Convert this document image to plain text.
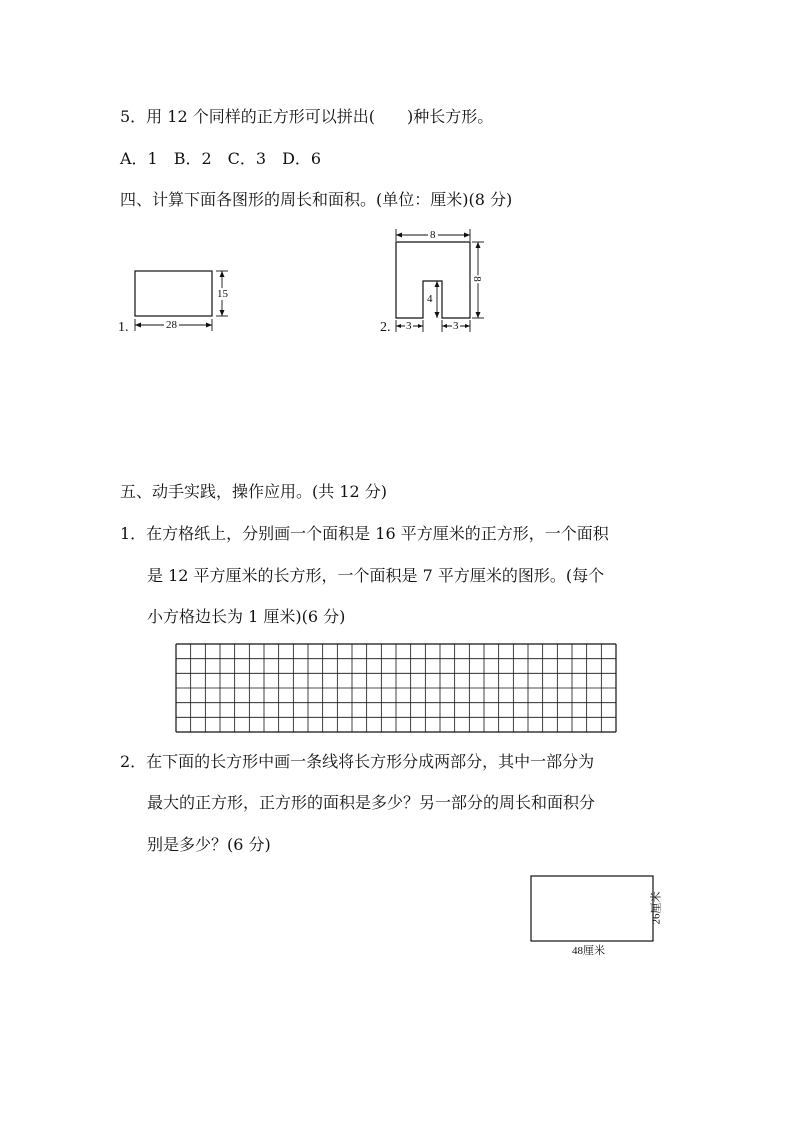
5．用 12 个同样的正方形可以拼出(　　)种长方形。
A．1　B．2　C．3　D．6
四、计算下面各图形的周长和面积。(单位：厘米)(8 分)
1.
15
28	2.
8
8
4
3	3
五、动手实践，操作应用。(共 12 分)
1．在方格纸上，分别画一个面积是 16 平方厘米的正方形，一个面积
是 12 平方厘米的长方形，一个面积是 7 平方厘米的图形。(每个
小方格边长为 1 厘米)(6 分)
2．在下面的长方形中画一条线将长方形分成两部分，其中一部分为
最大的正方形，正方形的面积是多少？另一部分的周长和面积分
别是多少？(6 分)
48厘米
26厘米
